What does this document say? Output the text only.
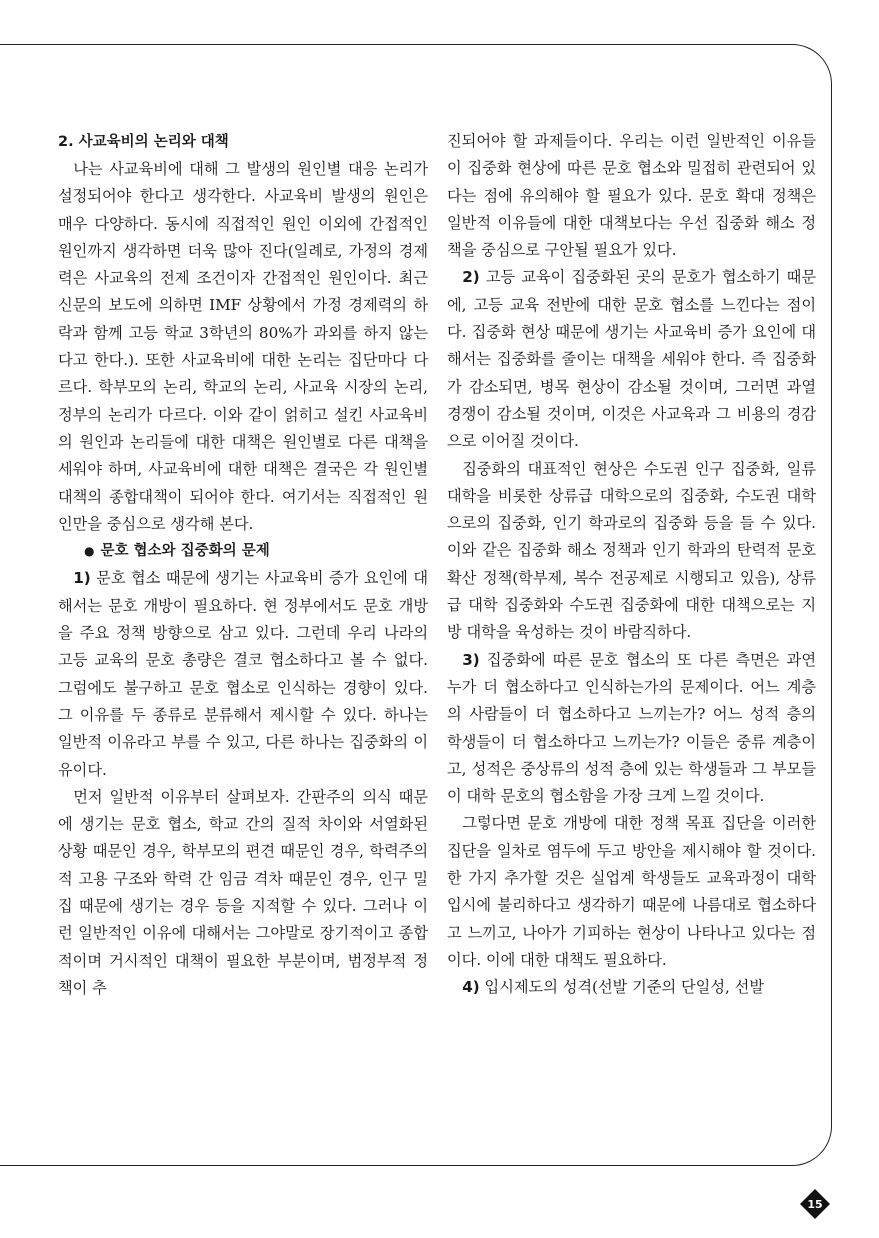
2. 사교육비의 논리와 대책

나는 사교육비에 대해 그 발생의 원인별 대응 논리가 설정되어야 한다고 생각한다. 사교육비 발생의 원인은 매우 다양하다. 동시에 직접적인 원인 이외에 간접적인 원인까지 생각하면 더욱 많아 진다(일례로, 가정의 경제력은 사교육의 전제 조건이자 간접적인 원인이다. 최근 신문의 보도에 의하면 IMF 상황에서 가정 경제력의 하락과 함께 고등 학교 3학년의 80%가 과외를 하지 않는다고 한다.). 또한 사교육비에 대한 논리는 집단마다 다르다. 학부모의 논리, 학교의 논리, 사교육 시장의 논리, 정부의 논리가 다르다. 이와 같이 얽히고 설킨 사교육비의 원인과 논리들에 대한 대책은 원인별로 다른 대책을 세워야 하며, 사교육비에 대한 대책은 결국은 각 원인별 대책의 종합대책이 되어야 한다. 여기서는 직접적인 원인만을 중심으로 생각해 본다.

● 문호 협소와 집중화의 문제

1) 문호 협소 때문에 생기는 사교육비 증가 요인에 대해서는 문호 개방이 필요하다. 현 정부에서도 문호 개방을 주요 정책 방향으로 삼고 있다. 그런데 우리 나라의 고등 교육의 문호 총량은 결코 협소하다고 볼 수 없다. 그럼에도 불구하고 문호 협소로 인식하는 경향이 있다. 그 이유를 두 종류로 분류해서 제시할 수 있다. 하나는 일반적 이유라고 부를 수 있고, 다른 하나는 집중화의 이유이다.

먼저 일반적 이유부터 살펴보자. 간판주의 의식 때문에 생기는 문호 협소, 학교 간의 질적 차이와 서열화된 상황 때문인 경우, 학부모의 편견 때문인 경우, 학력주의적 고용 구조와 학력 간 임금 격차 때문인 경우, 인구 밀집 때문에 생기는 경우 등을 지적할 수 있다. 그러나 이런 일반적인 이유에 대해서는 그야말로 장기적이고 종합적이며 거시적인 대책이 필요한 부분이며, 범정부적 정책이 추

진되어야 할 과제들이다. 우리는 이런 일반적인 이유들이 집중화 현상에 따른 문호 협소와 밀접히 관련되어 있다는 점에 유의해야 할 필요가 있다. 문호 확대 정책은 일반적 이유들에 대한 대책보다는 우선 집중화 해소 정책을 중심으로 구안될 필요가 있다.

2) 고등 교육이 집중화된 곳의 문호가 협소하기 때문에, 고등 교육 전반에 대한 문호 협소를 느낀다는 점이다. 집중화 현상 때문에 생기는 사교육비 증가 요인에 대해서는 집중화를 줄이는 대책을 세워야 한다. 즉 집중화가 감소되면, 병목 현상이 감소될 것이며, 그러면 과열 경쟁이 감소될 것이며, 이것은 사교육과 그 비용의 경감으로 이어질 것이다.

집중화의 대표적인 현상은 수도권 인구 집중화, 일류 대학을 비롯한 상류급 대학으로의 집중화, 수도권 대학으로의 집중화, 인기 학과로의 집중화 등을 들 수 있다. 이와 같은 집중화 해소 정책과 인기 학과의 탄력적 문호 확산 정책(학부제, 복수 전공제로 시행되고 있음), 상류급 대학 집중화와 수도권 집중화에 대한 대책으로는 지방 대학을 육성하는 것이 바람직하다.

3) 집중화에 따른 문호 협소의 또 다른 측면은 과연 누가 더 협소하다고 인식하는가의 문제이다. 어느 계층의 사람들이 더 협소하다고 느끼는가? 어느 성적 층의 학생들이 더 협소하다고 느끼는가? 이들은 중류 계층이고, 성적은 중상류의 성적 층에 있는 학생들과 그 부모들이 대학 문호의 협소함을 가장 크게 느낄 것이다.

그렇다면 문호 개방에 대한 정책 목표 집단을 이러한 집단을 일차로 염두에 두고 방안을 제시해야 할 것이다. 한 가지 추가할 것은 실업계 학생들도 교육과정이 대학 입시에 불리하다고 생각하기 때문에 나름대로 협소하다고 느끼고, 나아가 기피하는 현상이 나타나고 있다는 점이다. 이에 대한 대책도 필요하다.

4) 입시제도의 성격(선발 기준의 단일성, 선발

15
